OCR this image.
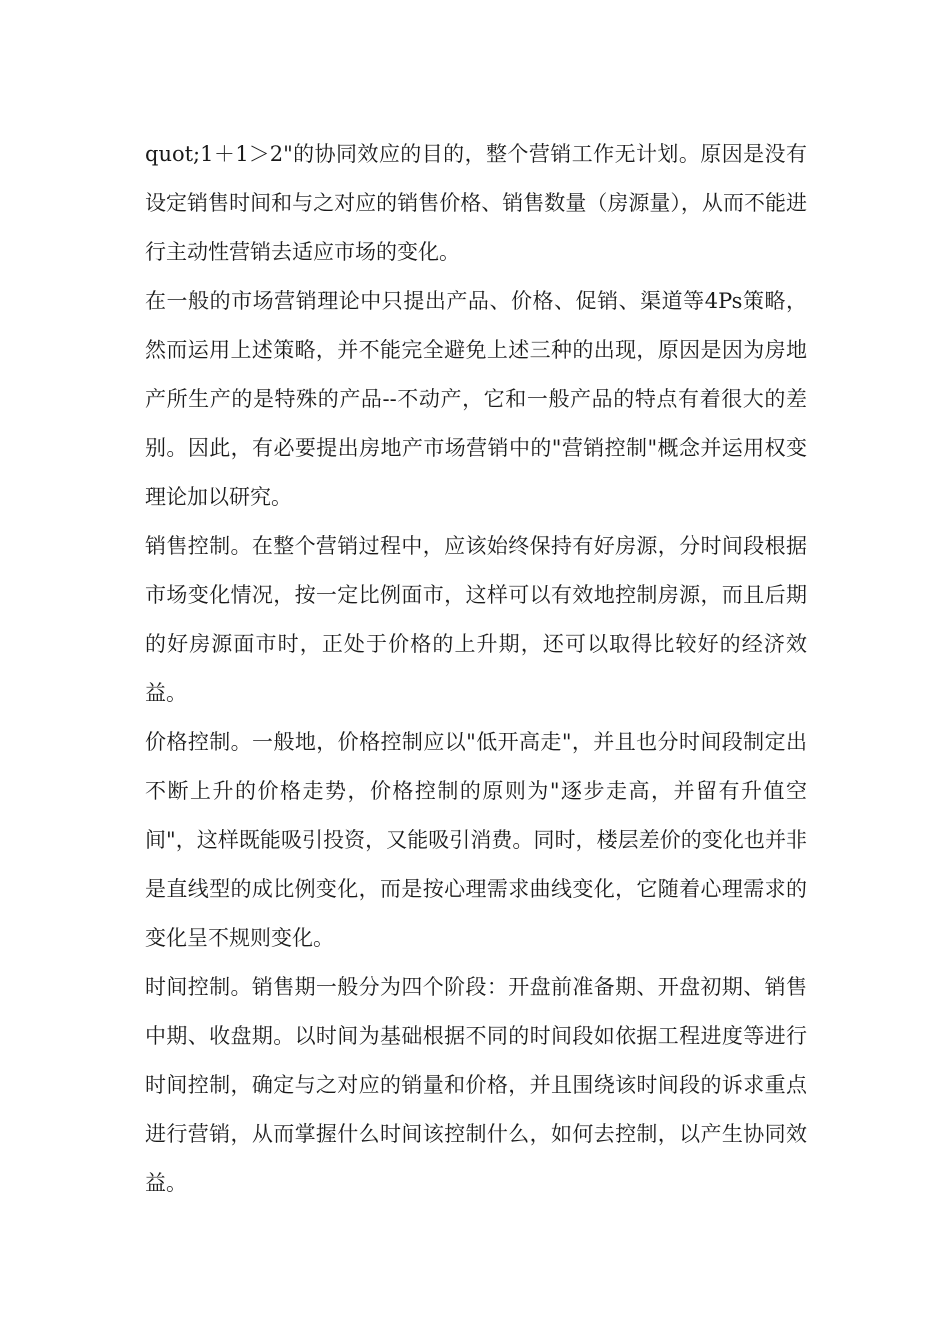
quot;1＋1＞2"的协同效应的目的，整个营销工作无计划。原因是没有设定销售时间和与之对应的销售价格、销售数量（房源量），从而不能进行主动性营销去适应市场的变化。

在一般的市场营销理论中只提出产品、价格、促销、渠道等4Ps策略，然而运用上述策略，并不能完全避免上述三种的出现，原因是因为房地产所生产的是特殊的产品--不动产，它和一般产品的特点有着很大的差别。因此，有必要提出房地产市场营销中的"营销控制"概念并运用权变理论加以研究。

销售控制。在整个营销过程中，应该始终保持有好房源，分时间段根据市场变化情况，按一定比例面市，这样可以有效地控制房源，而且后期的好房源面市时，正处于价格的上升期，还可以取得比较好的经济效益。

价格控制。一般地，价格控制应以"低开高走"，并且也分时间段制定出不断上升的价格走势，价格控制的原则为"逐步走高，并留有升值空间"，这样既能吸引投资，又能吸引消费。同时，楼层差价的变化也并非是直线型的成比例变化，而是按心理需求曲线变化，它随着心理需求的变化呈不规则变化。

时间控制。销售期一般分为四个阶段：开盘前准备期、开盘初期、销售中期、收盘期。以时间为基础根据不同的时间段如依据工程进度等进行时间控制，确定与之对应的销量和价格，并且围绕该时间段的诉求重点进行营销，从而掌握什么时间该控制什么，如何去控制，以产生协同效益。
